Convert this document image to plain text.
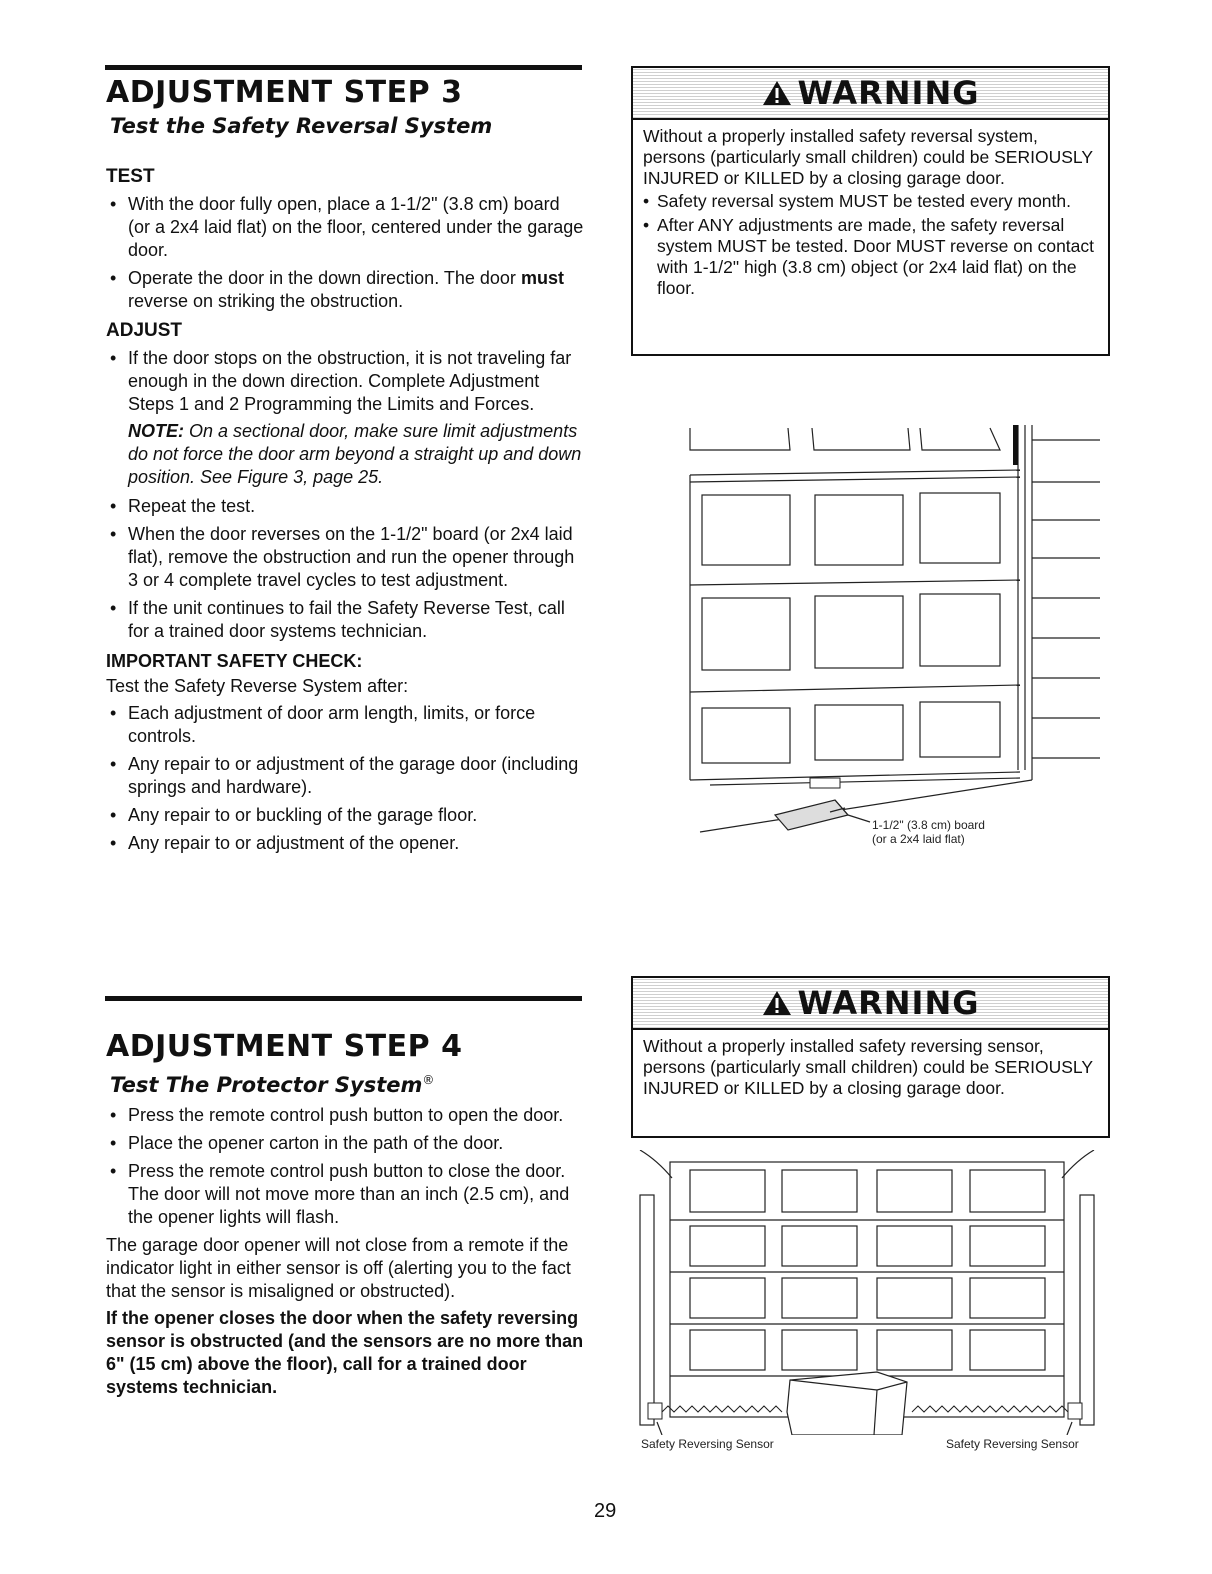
ADJUSTMENT STEP 3
Test the Safety Reversal System
TEST
• With the door fully open, place a 1-1/2" (3.8 cm) board (or a 2x4 laid flat) on the floor, centered under the garage door.
• Operate the door in the down direction. The door must reverse on striking the obstruction.
ADJUST
• If the door stops on the obstruction, it is not traveling far enough in the down direction. Complete Adjustment Steps 1 and 2 Programming the Limits and Forces.
NOTE: On a sectional door, make sure limit adjustments do not force the door arm beyond a straight up and down position. See Figure 3, page 25.
• Repeat the test.
• When the door reverses on the 1-1/2" board (or 2x4 laid flat), remove the obstruction and run the opener through 3 or 4 complete travel cycles to test adjustment.
• If the unit continues to fail the Safety Reverse Test, call for a trained door systems technician.
IMPORTANT SAFETY CHECK:
Test the Safety Reverse System after:
• Each adjustment of door arm length, limits, or force controls.
• Any repair to or adjustment of the garage door (including springs and hardware).
• Any repair to or buckling of the garage floor.
• Any repair to or adjustment of the opener.
WARNING
Without a properly installed safety reversal system, persons (particularly small children) could be SERIOUSLY INJURED or KILLED by a closing garage door.
• Safety reversal system MUST be tested every month.
• After ANY adjustments are made, the safety reversal system MUST be tested. Door MUST reverse on contact with 1-1/2" high (3.8 cm) object (or 2x4 laid flat) on the floor.
1-1/2" (3.8 cm) board
(or a 2x4 laid flat)
ADJUSTMENT STEP 4
Test The Protector System®
• Press the remote control push button to open the door.
• Place the opener carton in the path of the door.
• Press the remote control push button to close the door. The door will not move more than an inch (2.5 cm), and the opener lights will flash.
The garage door opener will not close from a remote if the indicator light in either sensor is off (alerting you to the fact that the sensor is misaligned or obstructed).
If the opener closes the door when the safety reversing sensor is obstructed (and the sensors are no more than 6" (15 cm) above the floor), call for a trained door systems technician.
WARNING
Without a properly installed safety reversing sensor, persons (particularly small children) could be SERIOUSLY INJURED or KILLED by a closing garage door.
Safety Reversing Sensor	Safety Reversing Sensor
29
